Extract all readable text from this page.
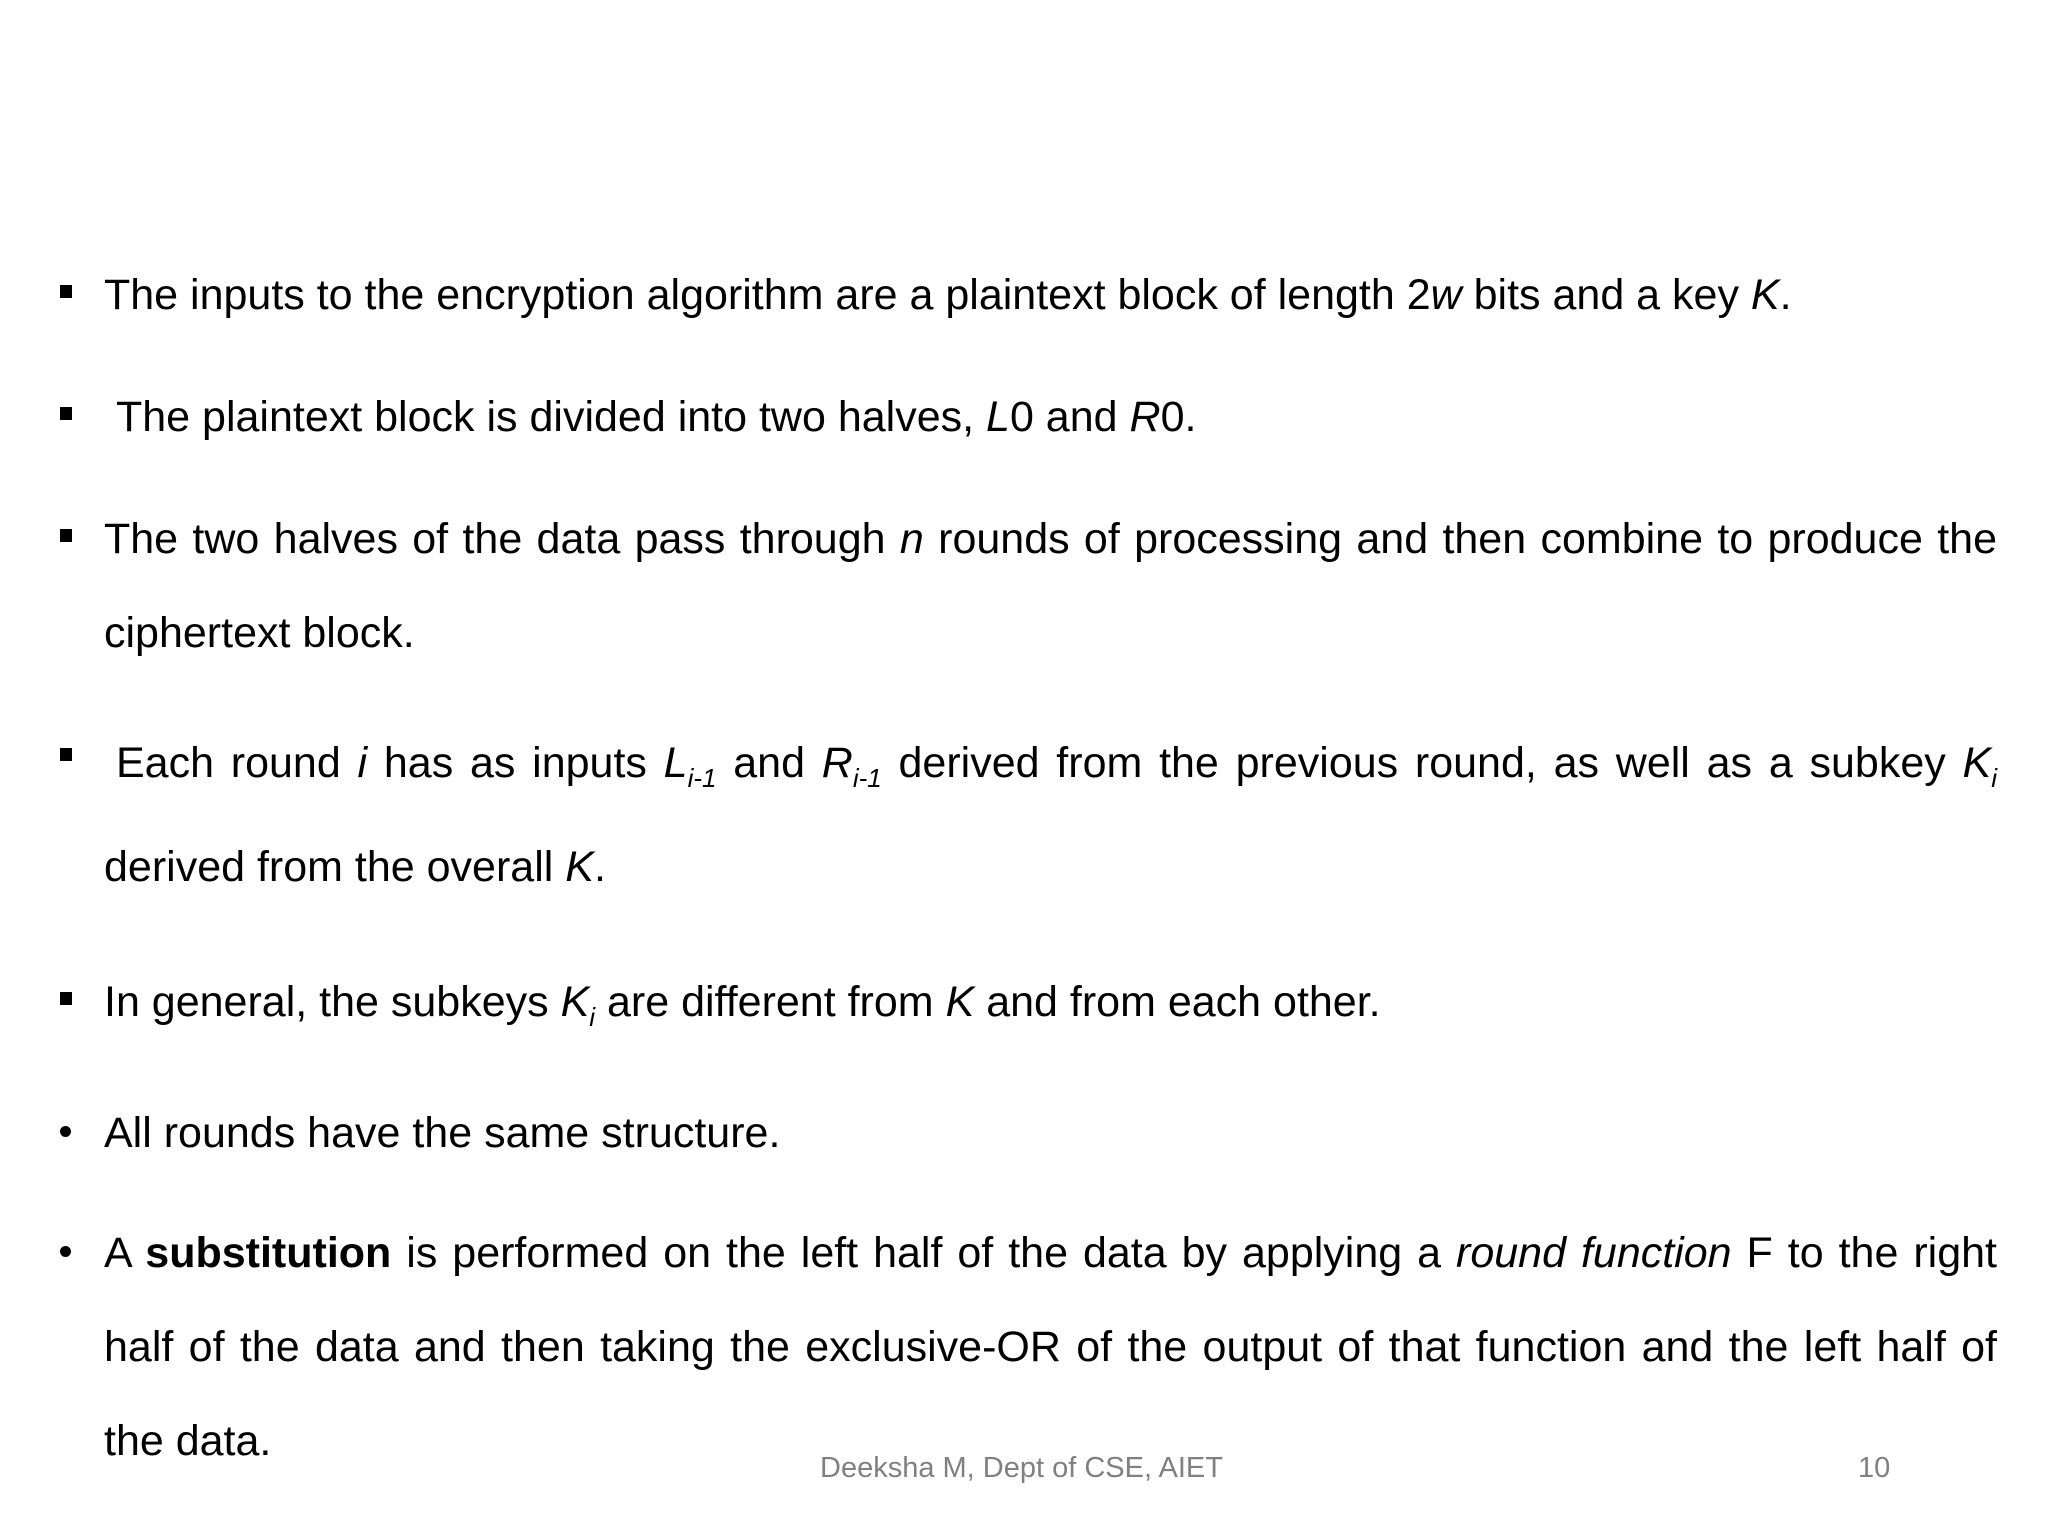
The inputs to the encryption algorithm are a plaintext block of length 2w bits and a key K.
The plaintext block is divided into two halves, L0 and R0.
The two halves of the data pass through n rounds of processing and then combine to produce the ciphertext block.
Each round i has as inputs $L_{i-1}$ and $R_{i-1}$ derived from the previous round, as well as a subkey $K_i$ derived from the overall K.
In general, the subkeys $K_i$ are different from K and from each other.
All rounds have the same structure.
A substitution is performed on the left half of the data by applying a round function F to the right half of the data and then taking the exclusive-OR of the output of that function and the left half of the data.
Deeksha M, Dept of CSE, AIET	10
